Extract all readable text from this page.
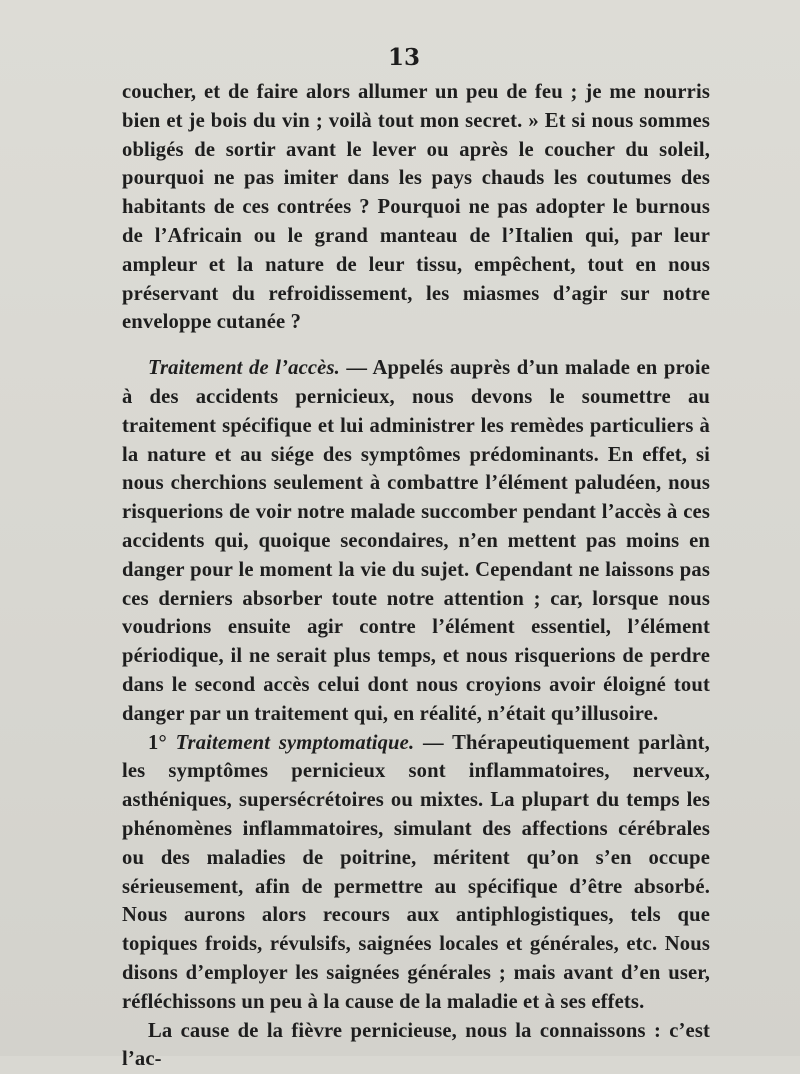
13

coucher, et de faire alors allumer un peu de feu ; je me nourris bien et je bois du vin ; voilà tout mon secret. » Et si nous sommes obligés de sortir avant le lever ou après le coucher du soleil, pourquoi ne pas imiter dans les pays chauds les coutumes des habitants de ces contrées ? Pourquoi ne pas adopter le burnous de l’Africain ou le grand manteau de l’Italien qui, par leur ampleur et la nature de leur tissu, empêchent, tout en nous préservant du refroidissement, les miasmes d’agir sur notre enveloppe cutanée ?

Traitement de l’accès. — Appelés auprès d’un malade en proie à des accidents pernicieux, nous devons le soumettre au traitement spécifique et lui administrer les remèdes particuliers à la nature et au siége des symptômes prédominants. En effet, si nous cherchions seulement à combattre l’élément paludéen, nous risquerions de voir notre malade succomber pendant l’accès à ces accidents qui, quoique secondaires, n’en mettent pas moins en danger pour le moment la vie du sujet. Cependant ne laissons pas ces derniers absorber toute notre attention ; car, lorsque nous voudrions ensuite agir contre l’élément essentiel, l’élément périodique, il ne serait plus temps, et nous risquerions de perdre dans le second accès celui dont nous croyions avoir éloigné tout danger par un traitement qui, en réalité, n’était qu’illusoire.

1° Traitement symptomatique. — Thérapeutiquement parlànt, les symptômes pernicieux sont inflammatoires, nerveux, asthéniques, supersécrétoires ou mixtes. La plupart du temps les phénomènes inflammatoires, simulant des affections cérébrales ou des maladies de poitrine, méritent qu’on s’en occupe sérieusement, afin de permettre au spécifique d’être absorbé. Nous aurons alors recours aux antiphlogistiques, tels que topiques froids, révulsifs, saignées locales et générales, etc. Nous disons d’employer les saignées générales ; mais avant d’en user, réfléchissons un peu à la cause de la maladie et à ses effets.

La cause de la fièvre pernicieuse, nous la connaissons : c’est l’ac-
